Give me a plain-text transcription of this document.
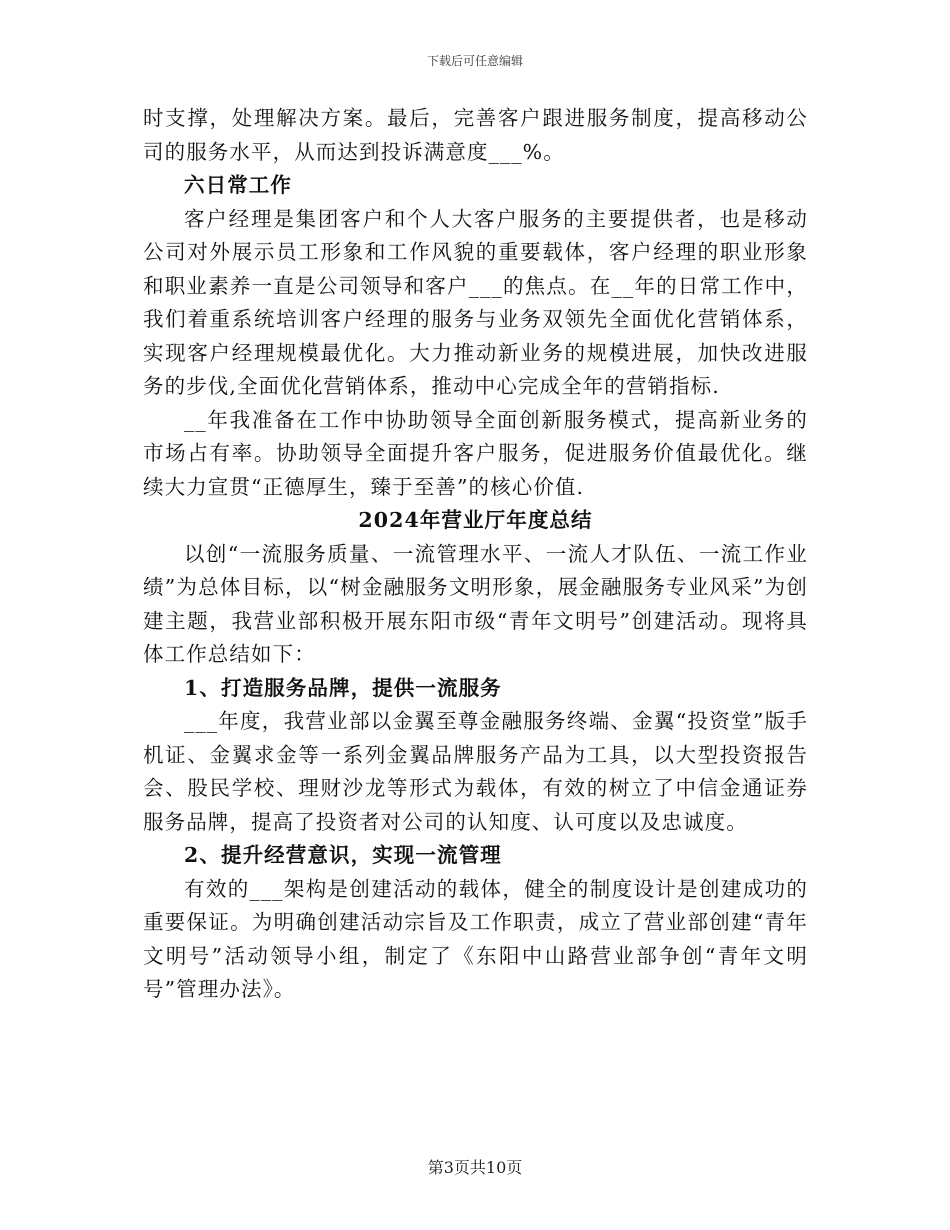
下载后可任意编辑

时支撑，处理解决方案。最后，完善客户跟进服务制度，提高移动公司的服务水平，从而达到投诉满意度___%。

六日常工作

客户经理是集团客户和个人大客户服务的主要提供者，也是移动公司对外展示员工形象和工作风貌的重要载体，客户经理的职业形象和职业素养一直是公司领导和客户___的焦点。在__年的日常工作中，我们着重系统培训客户经理的服务与业务双领先全面优化营销体系，实现客户经理规模最优化。大力推动新业务的规模进展，加快改进服务的步伐,全面优化营销体系，推动中心完成全年的营销指标.

__年我准备在工作中协助领导全面创新服务模式，提高新业务的市场占有率。协助领导全面提升客户服务，促进服务价值最优化。继续大力宣贯“正德厚生，臻于至善”的核心价值.

2024年营业厅年度总结

以创“一流服务质量、一流管理水平、一流人才队伍、一流工作业绩”为总体目标，以“树金融服务文明形象，展金融服务专业风采”为创建主题，我营业部积极开展东阳市级“青年文明号”创建活动。现将具体工作总结如下：

1、打造服务品牌，提供一流服务

___年度，我营业部以金翼至尊金融服务终端、金翼“投资堂”版手机证、金翼求金等一系列金翼品牌服务产品为工具，以大型投资报告会、股民学校、理财沙龙等形式为载体，有效的树立了中信金通证券服务品牌，提高了投资者对公司的认知度、认可度以及忠诚度。

2、提升经营意识，实现一流管理

有效的___架构是创建活动的载体，健全的制度设计是创建成功的重要保证。为明确创建活动宗旨及工作职责，成立了营业部创建“青年文明号”活动领导小组，制定了《东阳中山路营业部争创“青年文明号”管理办法》。

第3页共10页
